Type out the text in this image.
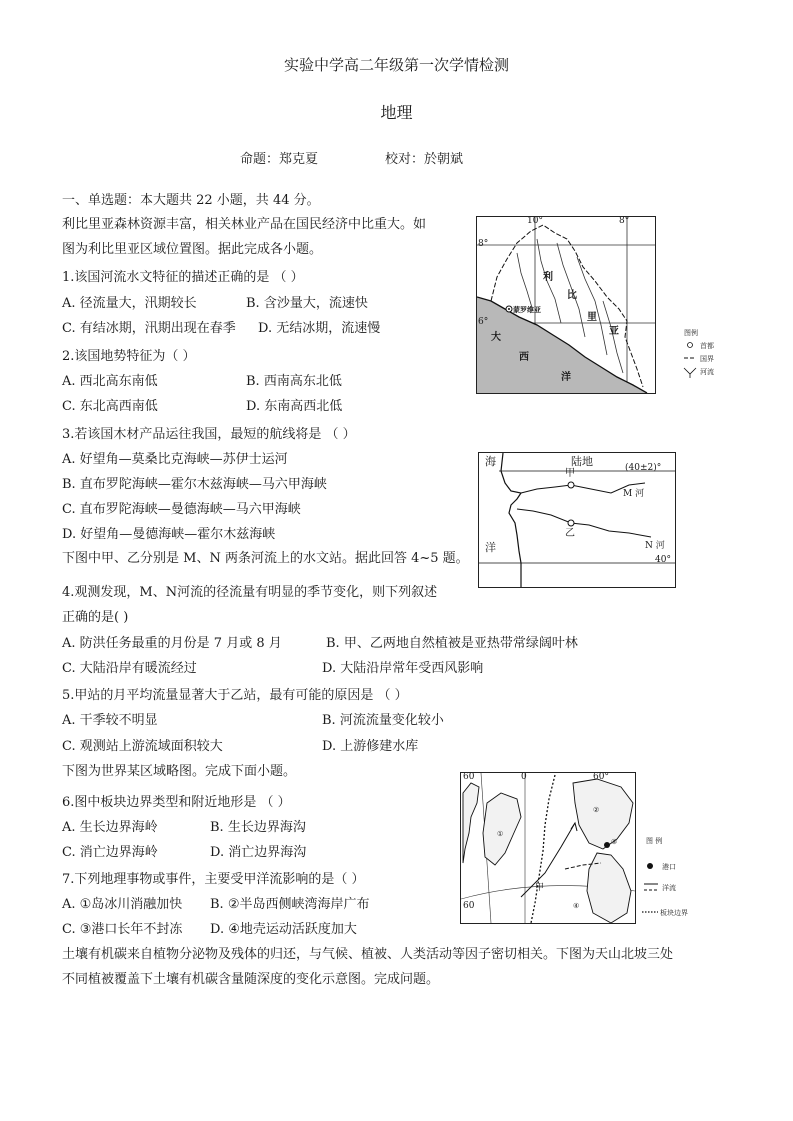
实验中学高二年级第一次学情检测
地理
命题：郑克夏	校对：於朝斌
一、单选题：本大题共 22 小题，共 44 分。
利比里亚森林资源丰富，相关林业产品在国民经济中比重大。如
图为利比里亚区域位置图。据此完成各小题。
1.该国河流水文特征的描述正确的是 （ ）
A. 径流量大，汛期较长	B. 含沙量大，流速快
C. 有结冰期，汛期出现在春季 D. 无结冰期，流速慢
2.该国地势特征为（ ）
A. 西北高东南低	B. 西南高东北低
C. 东北高西南低	D. 东南高西北低
3.若该国木材产品运往我国，最短的航线将是 （ ）
A. 好望角—莫桑比克海峡—苏伊士运河
B. 直布罗陀海峡—霍尔木兹海峡—马六甲海峡
C. 直布罗陀海峡—曼德海峡—马六甲海峡
D. 好望角—曼德海峡—霍尔木兹海峡
下图中甲、乙分别是 M、N 两条河流上的水文站。据此回答 4~5 题。
4.观测发现，M、N河流的径流量有明显的季节变化，则下列叙述
正确的是( )
A. 防洪任务最重的月份是 7 月或 8 月	B. 甲、乙两地自然植被是亚热带常绿阔叶林
C. 大陆沿岸有暖流经过	D. 大陆沿岸常年受西风影响
5.甲站的月平均流量显著大于乙站，最有可能的原因是 （ ）
A. 干季较不明显	B. 河流流量变化较小
C. 观测站上游流域面积较大	D. 上游修建水库
下图为世界某区域略图。完成下面小题。
6.图中板块边界类型和附近地形是 （ ）
A. 生长边界海岭	B. 生长边界海沟
C. 消亡边界海岭	D. 消亡边界海沟
7.下列地理事物或事件，主要受甲洋流影响的是（ ）
A. ①岛冰川消融加快 B. ②半岛西侧峡湾海岸广布
C. ③港口长年不封冻 D. ④地壳运动活跃度加大
土壤有机碳来自植物分泌物及残体的归还，与气候、植被、人类活动等因子密切相关。下图为天山北坡三处
不同植被覆盖下土壤有机碳含量随深度的变化示意图。完成问题。
10°	8°
8°
6°
利
比
里
亚
蒙罗维亚
大
西
洋
图例
首都
国界
河流
海
洋
陆地	(40±2)°
40°
甲
乙
M 河
N 河
60	0	60°
60
甲
①
②
③
④
图 例
港口
洋流
板块边界
